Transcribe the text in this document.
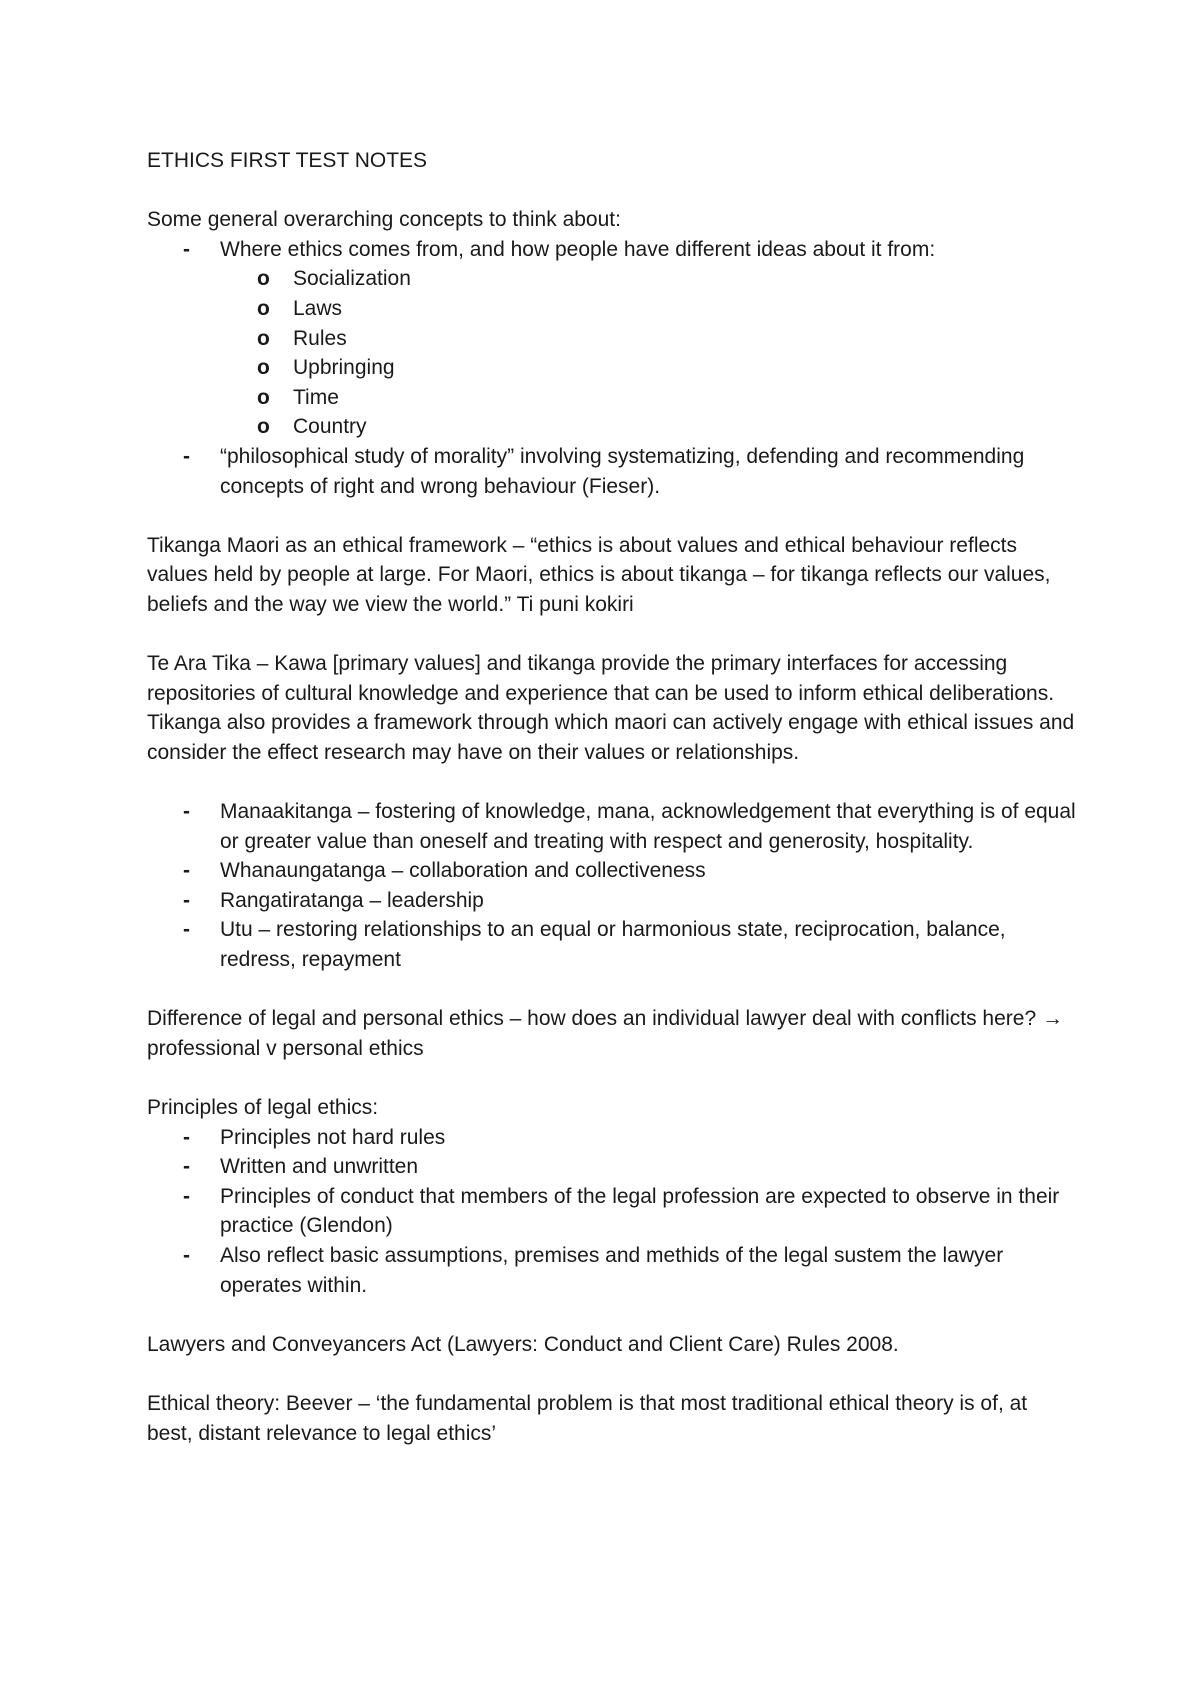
ETHICS FIRST TEST NOTES

Some general overarching concepts to think about:

- Where ethics comes from, and how people have different ideas about it from:
o Socialization
o Laws
o Rules
o Upbringing
o Time
o Country
- “philosophical study of morality” involving systematizing, defending and recommending concepts of right and wrong behaviour (Fieser).

Tikanga Maori as an ethical framework – “ethics is about values and ethical behaviour reflects values held by people at large. For Maori, ethics is about tikanga – for tikanga reflects our values, beliefs and the way we view the world.” Ti puni kokiri

Te Ara Tika – Kawa [primary values] and tikanga provide the primary interfaces for accessing repositories of cultural knowledge and experience that can be used to inform ethical deliberations. Tikanga also provides a framework through which maori can actively engage with ethical issues and consider the effect research may have on their values or relationships.

- Manaakitanga – fostering of knowledge, mana, acknowledgement that everything is of equal or greater value than oneself and treating with respect and generosity, hospitality.
- Whanaungatanga – collaboration and collectiveness
- Rangatiratanga – leadership
- Utu – restoring relationships to an equal or harmonious state, reciprocation, balance, redress, repayment

Difference of legal and personal ethics – how does an individual lawyer deal with conflicts here? → professional v personal ethics

Principles of legal ethics:

- Principles not hard rules
- Written and unwritten
- Principles of conduct that members of the legal profession are expected to observe in their practice (Glendon)
- Also reflect basic assumptions, premises and methids of the legal sustem the lawyer operates within.

Lawyers and Conveyancers Act (Lawyers: Conduct and Client Care) Rules 2008.

Ethical theory: Beever – ‘the fundamental problem is that most traditional ethical theory is of, at best, distant relevance to legal ethics’
